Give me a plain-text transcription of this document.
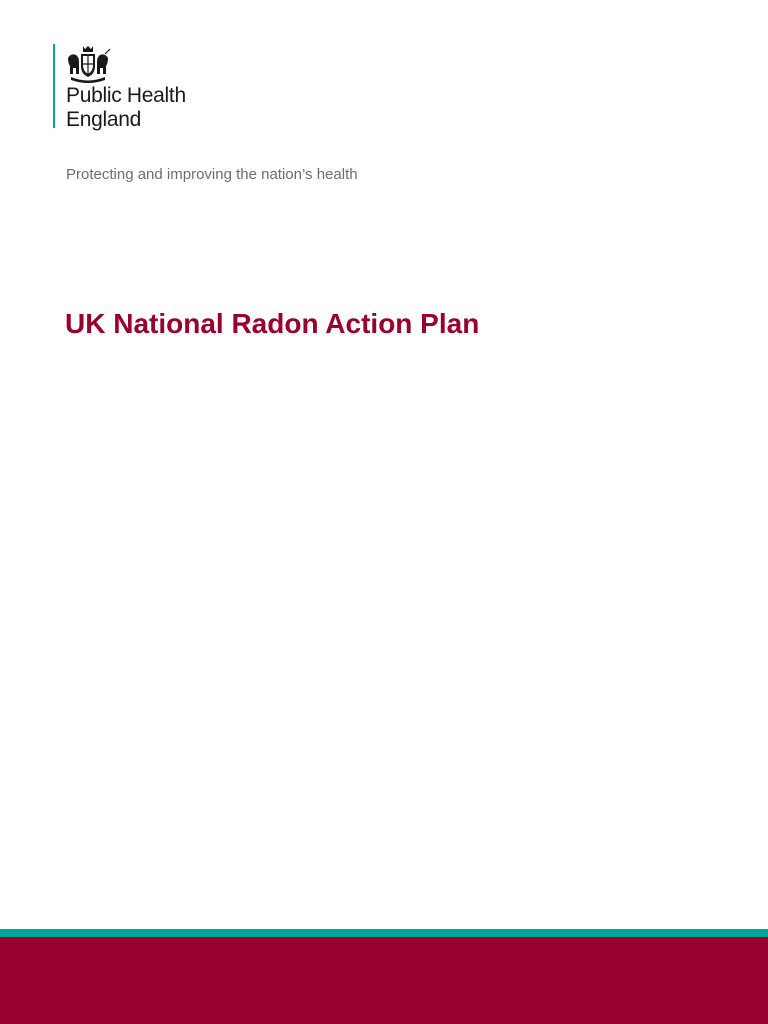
Public Health
England
Protecting and improving the nation’s health
UK National Radon Action Plan
